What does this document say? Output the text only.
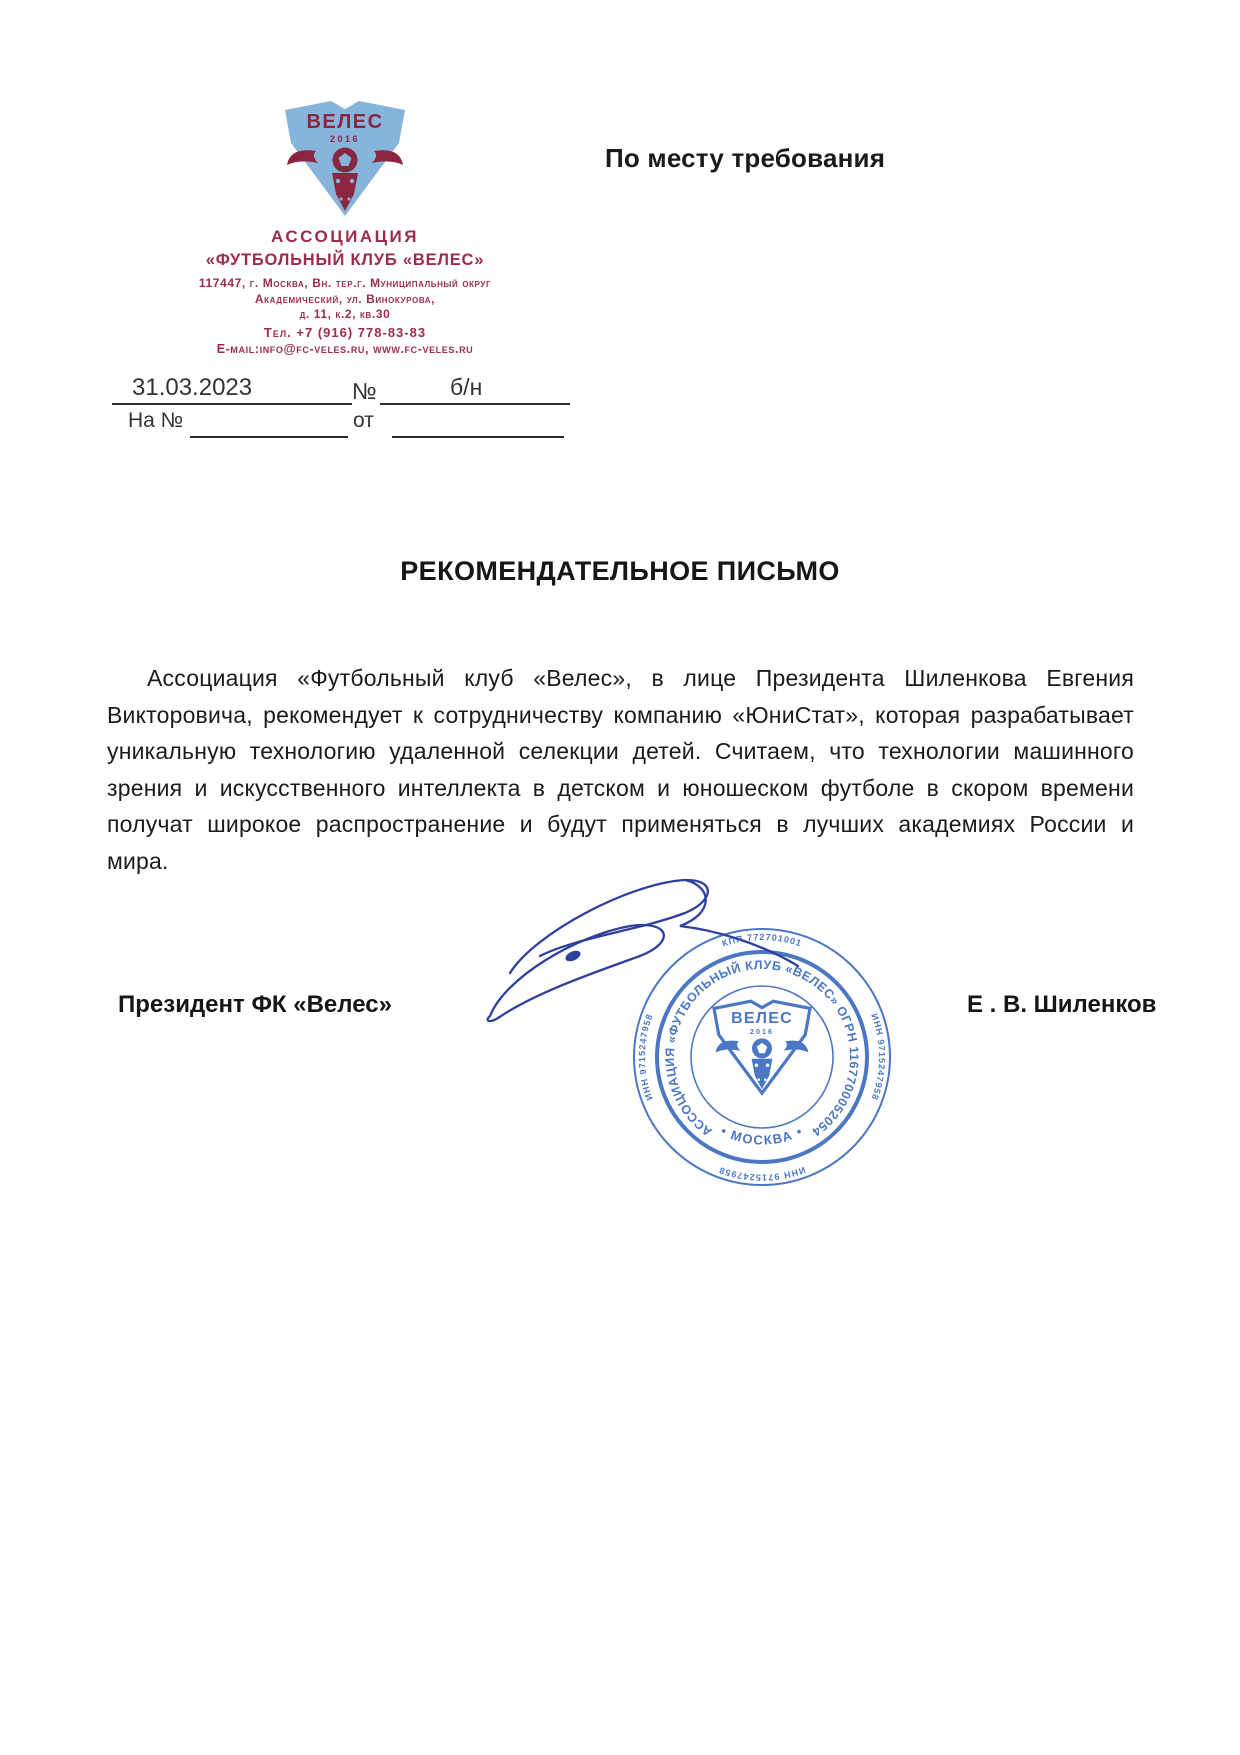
ВЕЛЕС
2016
АССОЦИАЦИЯ
«ФУТБОЛЬНЫЙ КЛУБ «ВЕЛЕС»
117447, г. Москва, Вн. тер.г. Муниципальный округ
Академический, ул. Винокурова,
д. 11, к.2, кв.30
Тел. +7 (916) 778-83-83
E-mail:info@fc-veles.ru, www.fc-veles.ru
По месту требования
31.03.2023	№	б/н
На №	от
РЕКОМЕНДАТЕЛЬНОЕ ПИСЬМО

Ассоциация «Футбольный клуб «Велес», в лице Президента Шиленкова Евгения Викторовича, рекомендует к сотрудничеству компанию «ЮниСтат», которая разрабатывает уникальную технологию удаленной селекции детей. Считаем, что технологии машинного зрения и искусственного интеллекта в детском и юношеском футболе в скором времени получат широкое распространение и будут применяться в лучших академиях России и мира.

Президент ФК «Велес»	Е . В. Шиленков
ИНН 9715247958
КПП 772701001
ИНН 9715247958
ИНН 9715247958
АССОЦИАЦИЯ «ФУТБОЛЬНЫЙ КЛУБ «ВЕЛЕС» ОГРН 1167700052054
• МОСКВА •
ВЕЛЕС
2016
